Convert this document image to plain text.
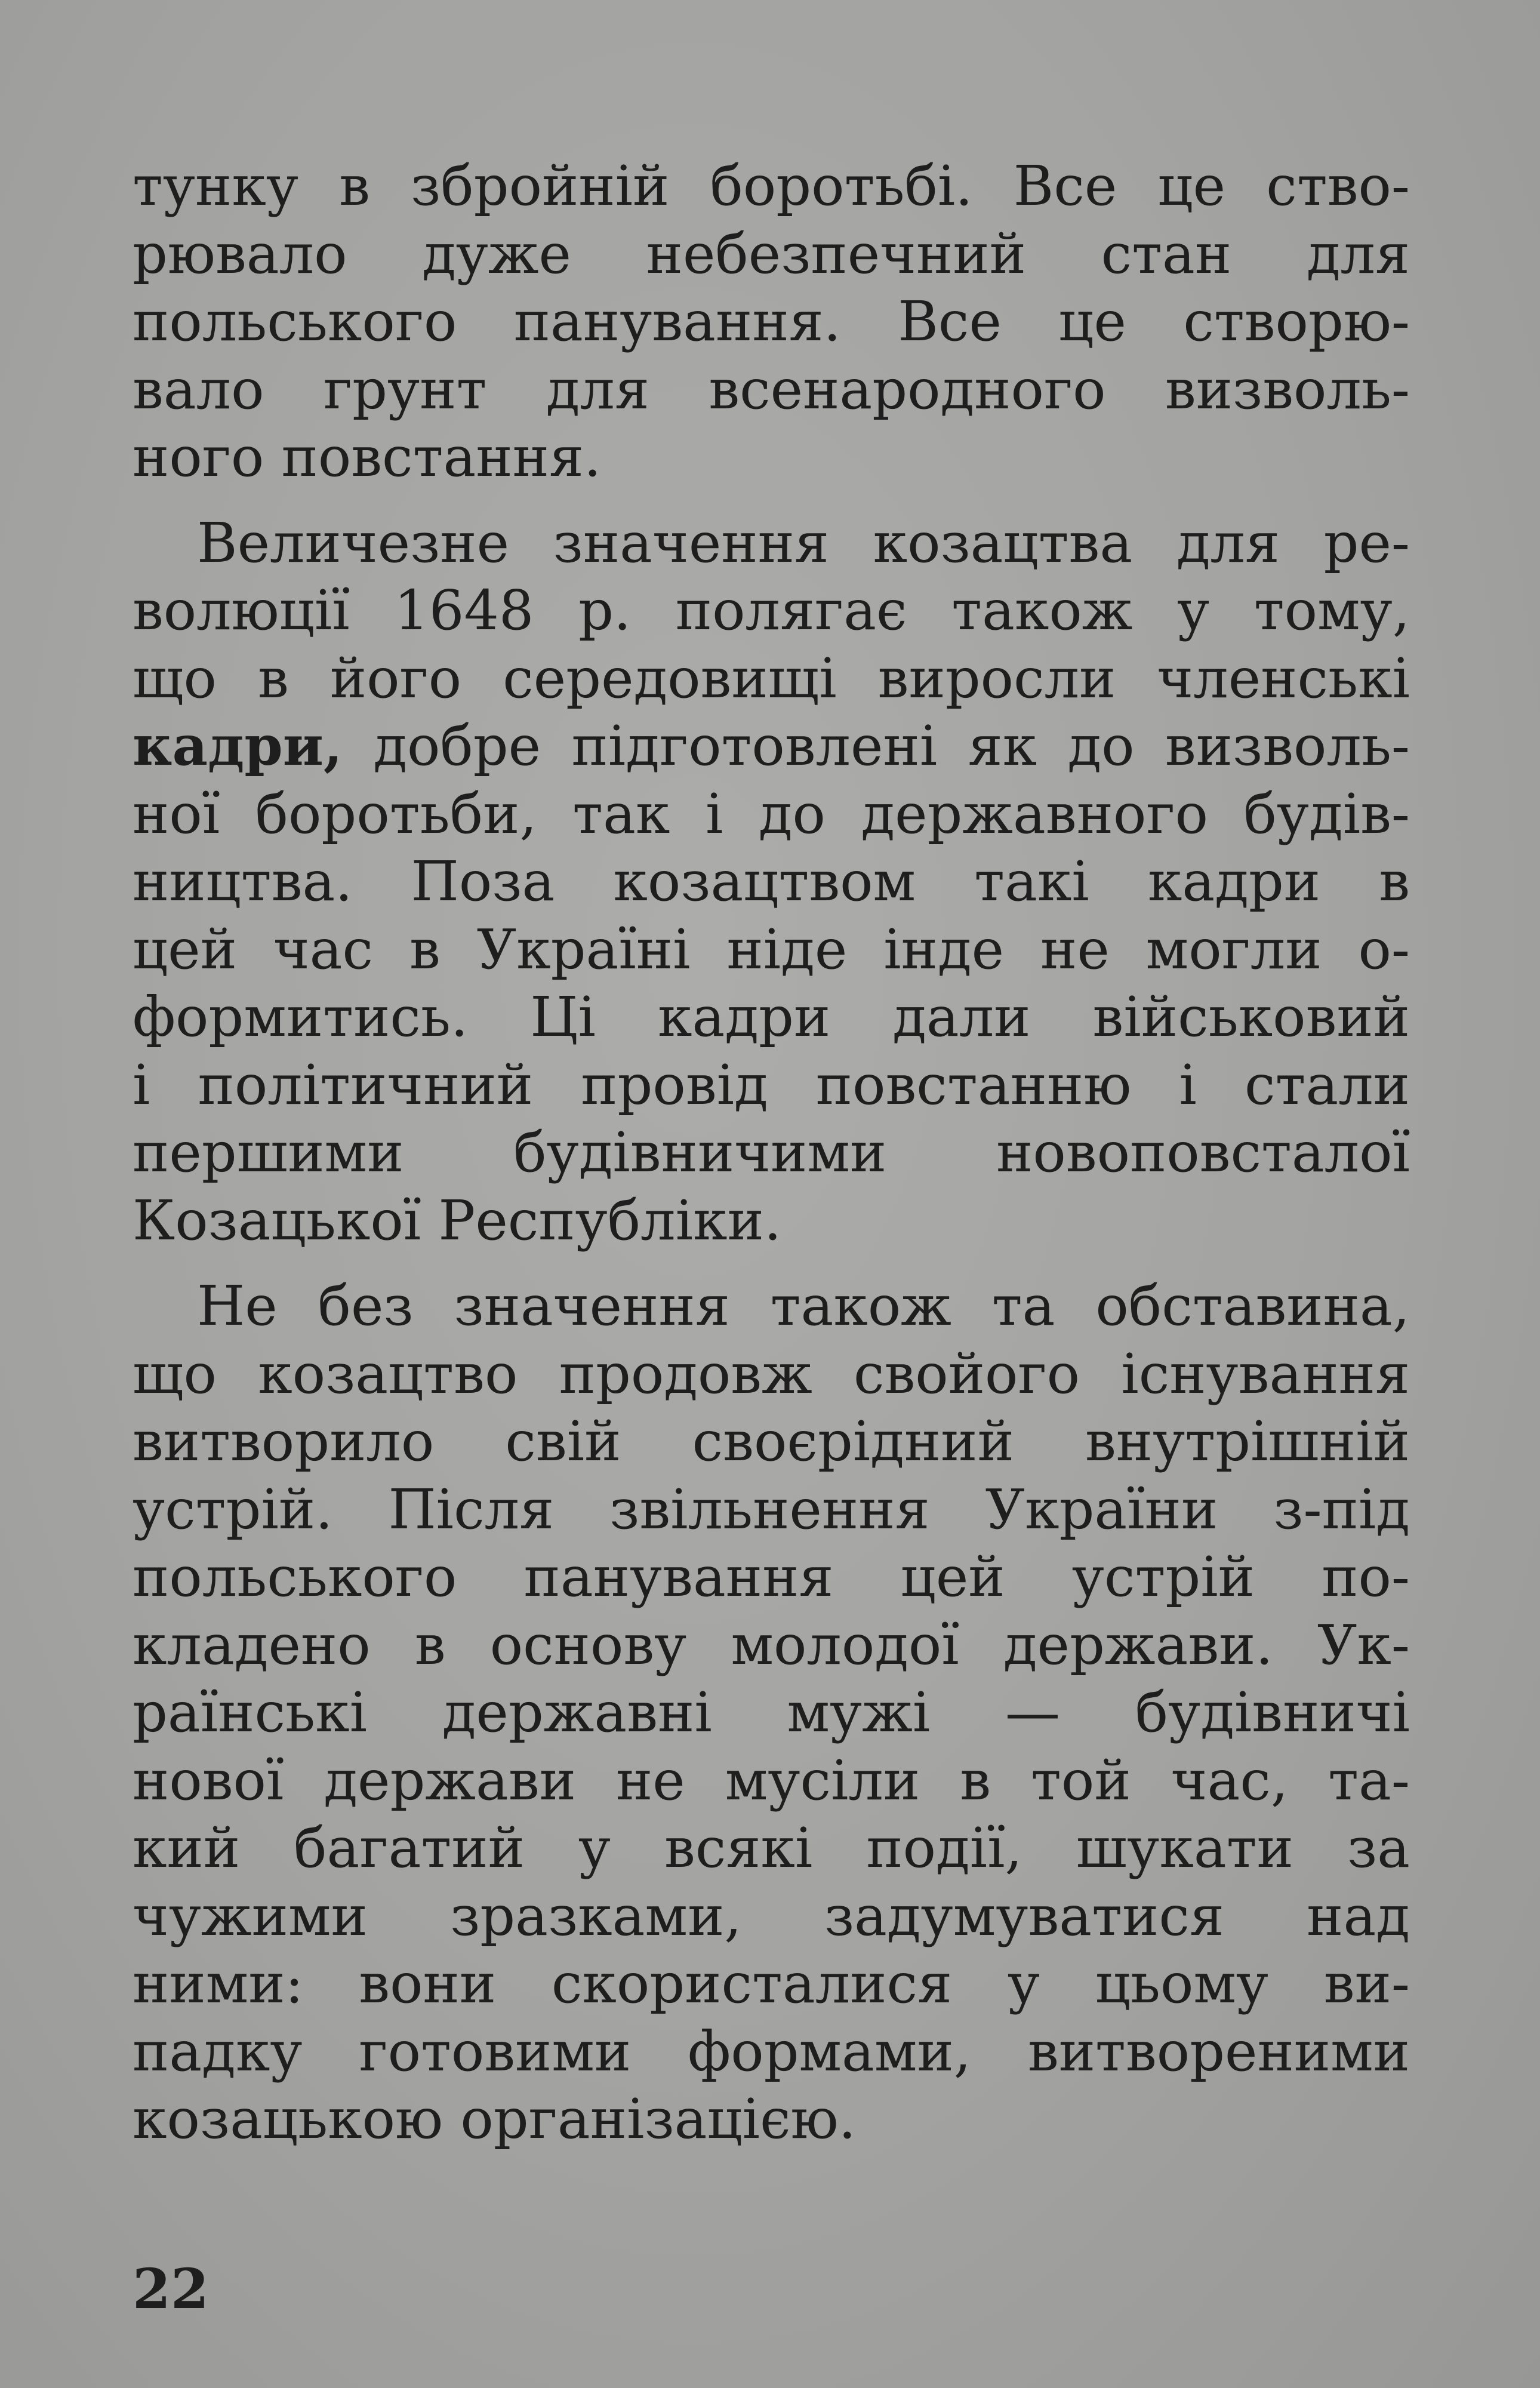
тунку в збройній боротьбі. Все це ство-
рювало дуже небезпечний стан для
польського панування. Все це створю-
вало грунт для всенародного визволь-
ного повстання.

Величезне значення козацтва для ре-
волюції 1648 р. полягає також у тому,
що в його середовищі виросли членські
кадри, добре підготовлені як до визволь-
ної боротьби, так і до державного будів-
ництва. Поза козацтвом такі кадри в
цей час в Україні ніде інде не могли о-
формитись. Ці кадри дали військовий
і політичний провід повстанню і стали
першими будівничими новоповсталої
Козацької Республіки.

Не без значення також та обставина,
що козацтво продовж свойого існування
витворило свій своєрідний внутрішній
устрій. Після звільнення України з-під
польського панування цей устрій по-
кладено в основу молодої держави. Ук-
раїнські державні мужі — будівничі
нової держави не мусіли в той час, та-
кий багатий у всякі події, шукати за
чужими зразками, задумуватися над
ними: вони скористалися у цьому ви-
падку готовими формами, витвореними
козацькою організацією.

22
